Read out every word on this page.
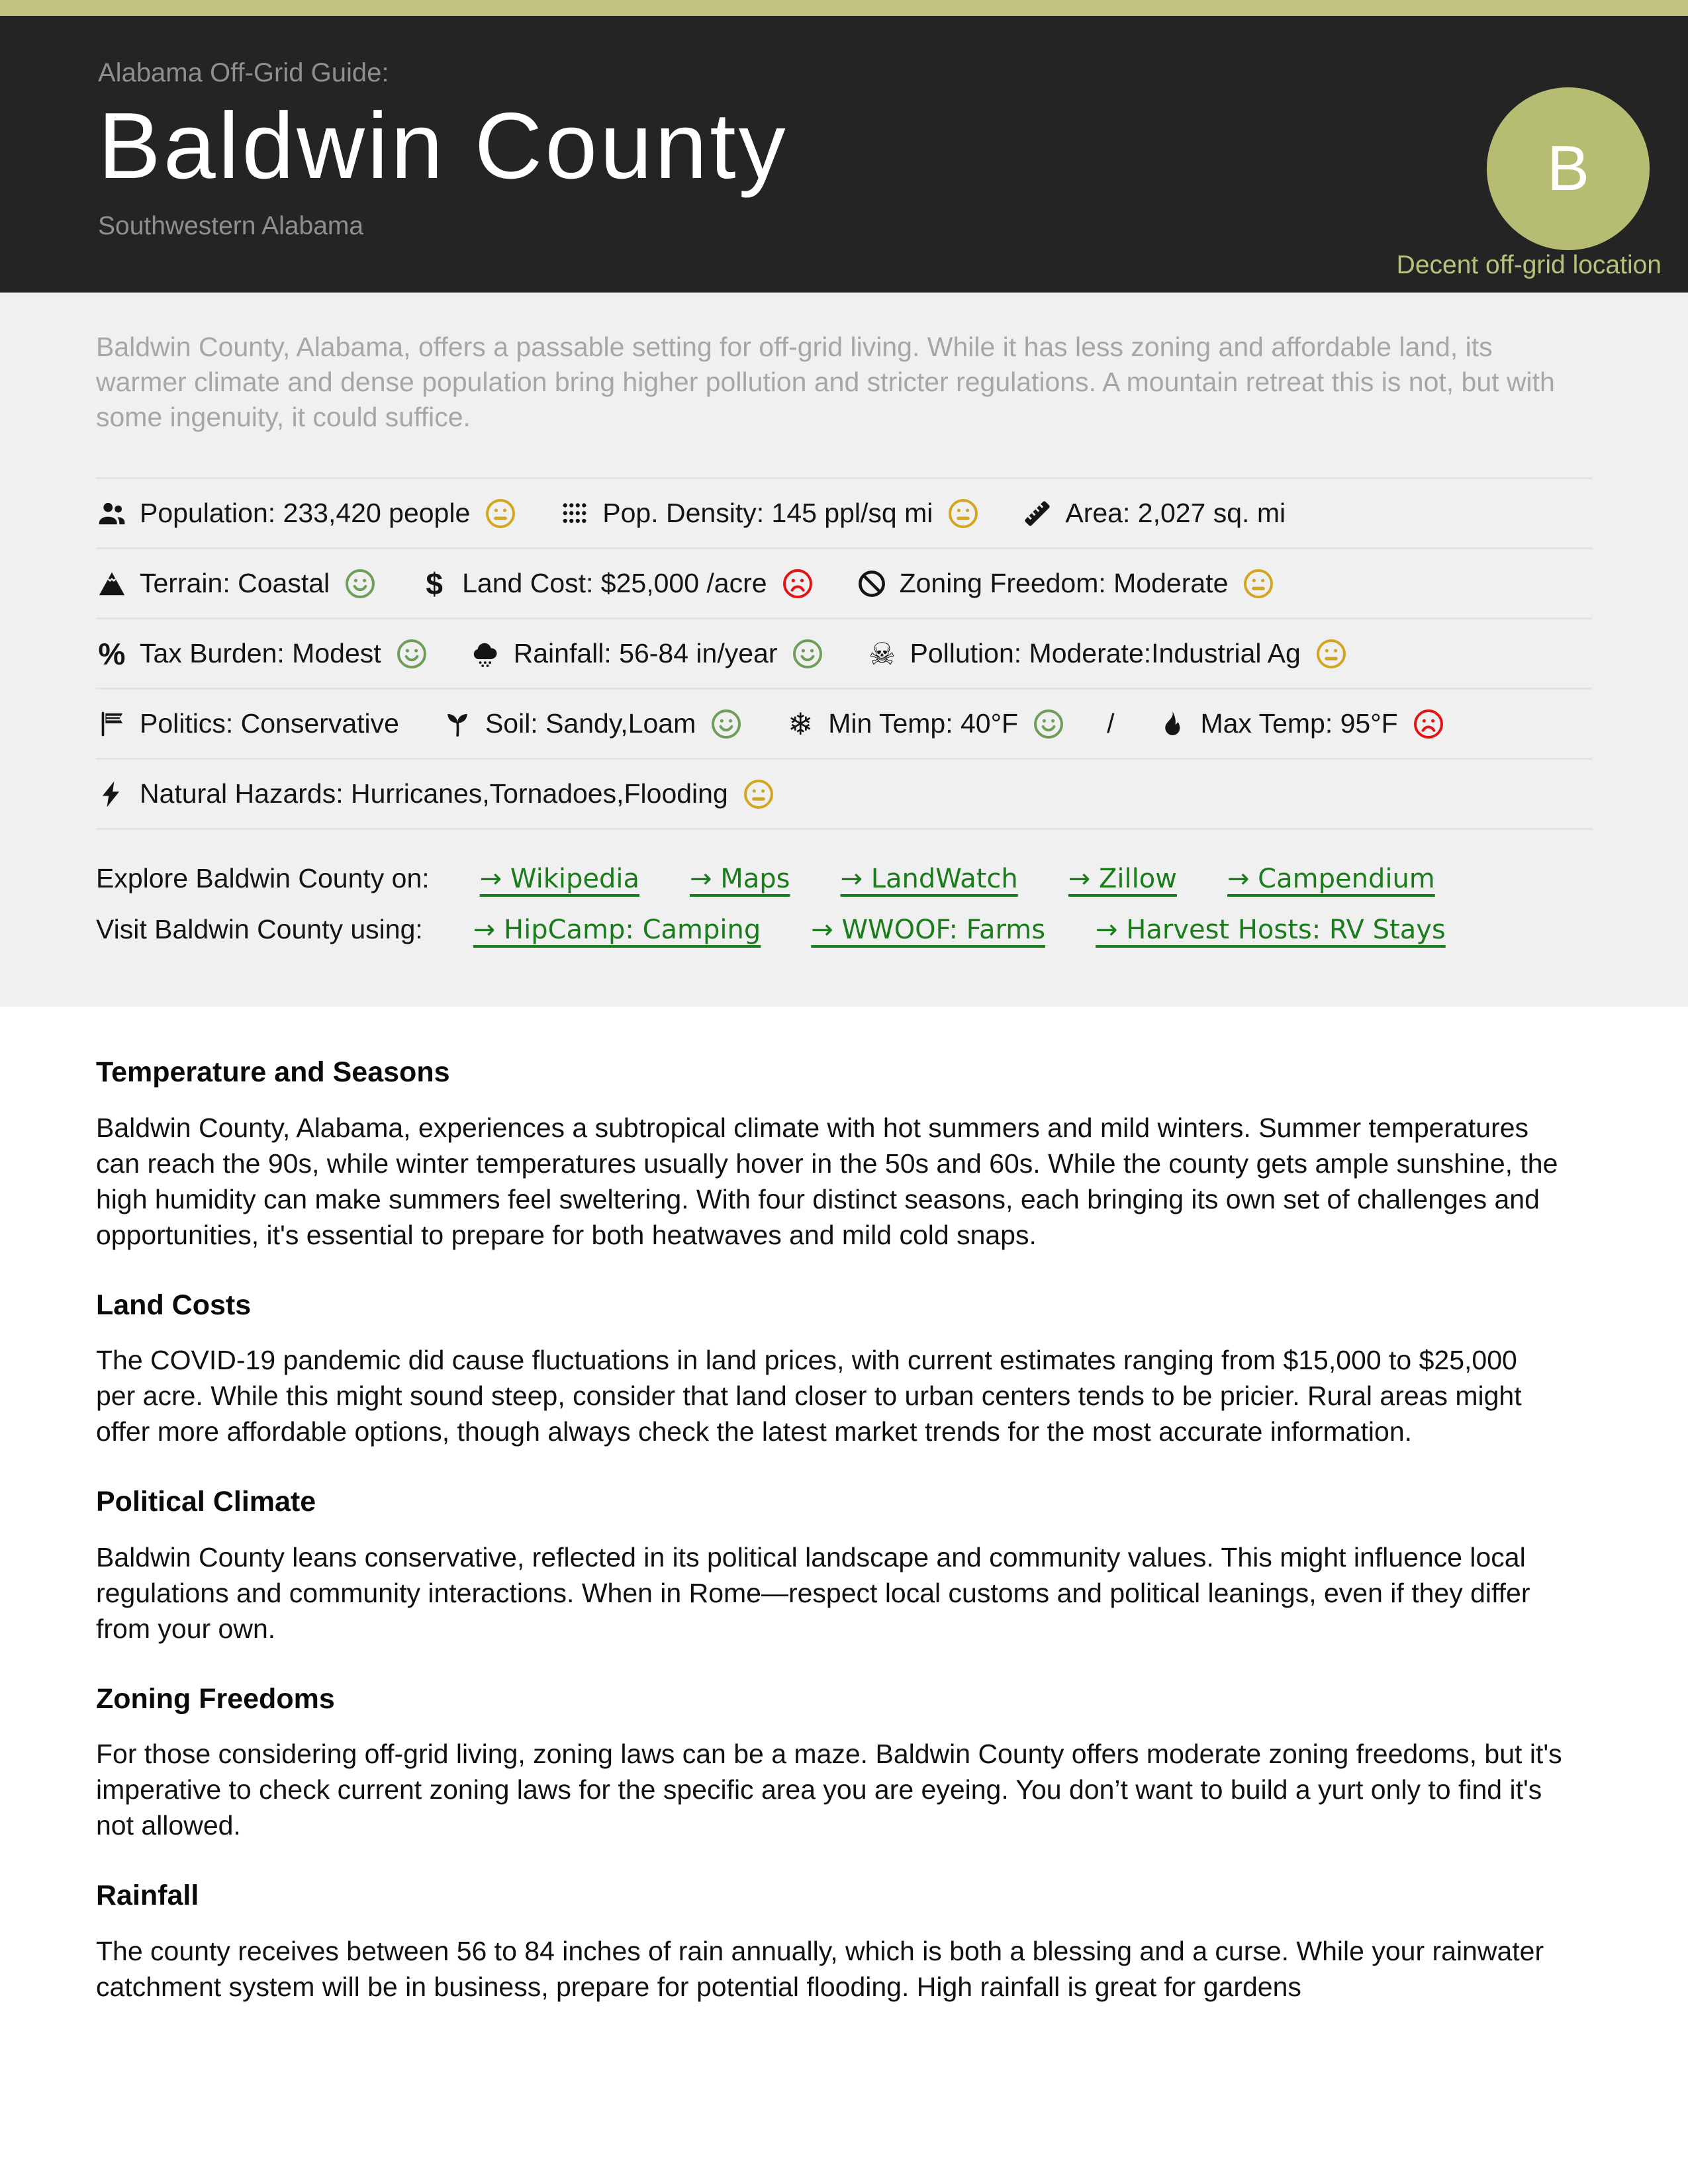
Alabama Off-Grid Guide:

Baldwin County

Southwestern Alabama

B
Decent off-grid location

Baldwin County, Alabama, offers a passable setting for off-grid living. While it has less zoning and affordable land, its warmer climate and dense population bring higher pollution and stricter regulations. A mountain retreat this is not, but with some ingenuity, it could suffice.

Population: 233,420 people	Pop. Density: 145 ppl/sq mi	Area: 2,027 sq. mi
Terrain: Coastal	$ Land Cost: $25,000 /acre	Zoning Freedom: Moderate
% Tax Burden: Modest	Rainfall: 56-84 in/year	☠ Pollution: Moderate:Industrial Ag
Politics: Conservative	Soil: Sandy,Loam	❄ Min Temp: 40°F	/	Max Temp: 95°F
Natural Hazards: Hurricanes,Tornadoes,Flooding
Explore Baldwin County on: → Wikipedia → Maps → LandWatch → Zillow → Campendium
Visit Baldwin County using: → HipCamp: Camping → WWOOF: Farms → Harvest Hosts: RV Stays
Temperature and Seasons

Baldwin County, Alabama, experiences a subtropical climate with hot summers and mild winters. Summer temperatures can reach the 90s, while winter temperatures usually hover in the 50s and 60s. While the county gets ample sunshine, the high humidity can make summers feel sweltering. With four distinct seasons, each bringing its own set of challenges and opportunities, it's essential to prepare for both heatwaves and mild cold snaps.

Land Costs

The COVID-19 pandemic did cause fluctuations in land prices, with current estimates ranging from $15,000 to $25,000 per acre. While this might sound steep, consider that land closer to urban centers tends to be pricier. Rural areas might offer more affordable options, though always check the latest market trends for the most accurate information.

Political Climate

Baldwin County leans conservative, reflected in its political landscape and community values. This might influence local regulations and community interactions. When in Rome—respect local customs and political leanings, even if they differ from your own.

Zoning Freedoms

For those considering off-grid living, zoning laws can be a maze. Baldwin County offers moderate zoning freedoms, but it's imperative to check current zoning laws for the specific area you are eyeing. You don’t want to build a yurt only to find it's not allowed.

Rainfall

The county receives between 56 to 84 inches of rain annually, which is both a blessing and a curse. While your rainwater catchment system will be in business, prepare for potential flooding. High rainfall is great for gardens
